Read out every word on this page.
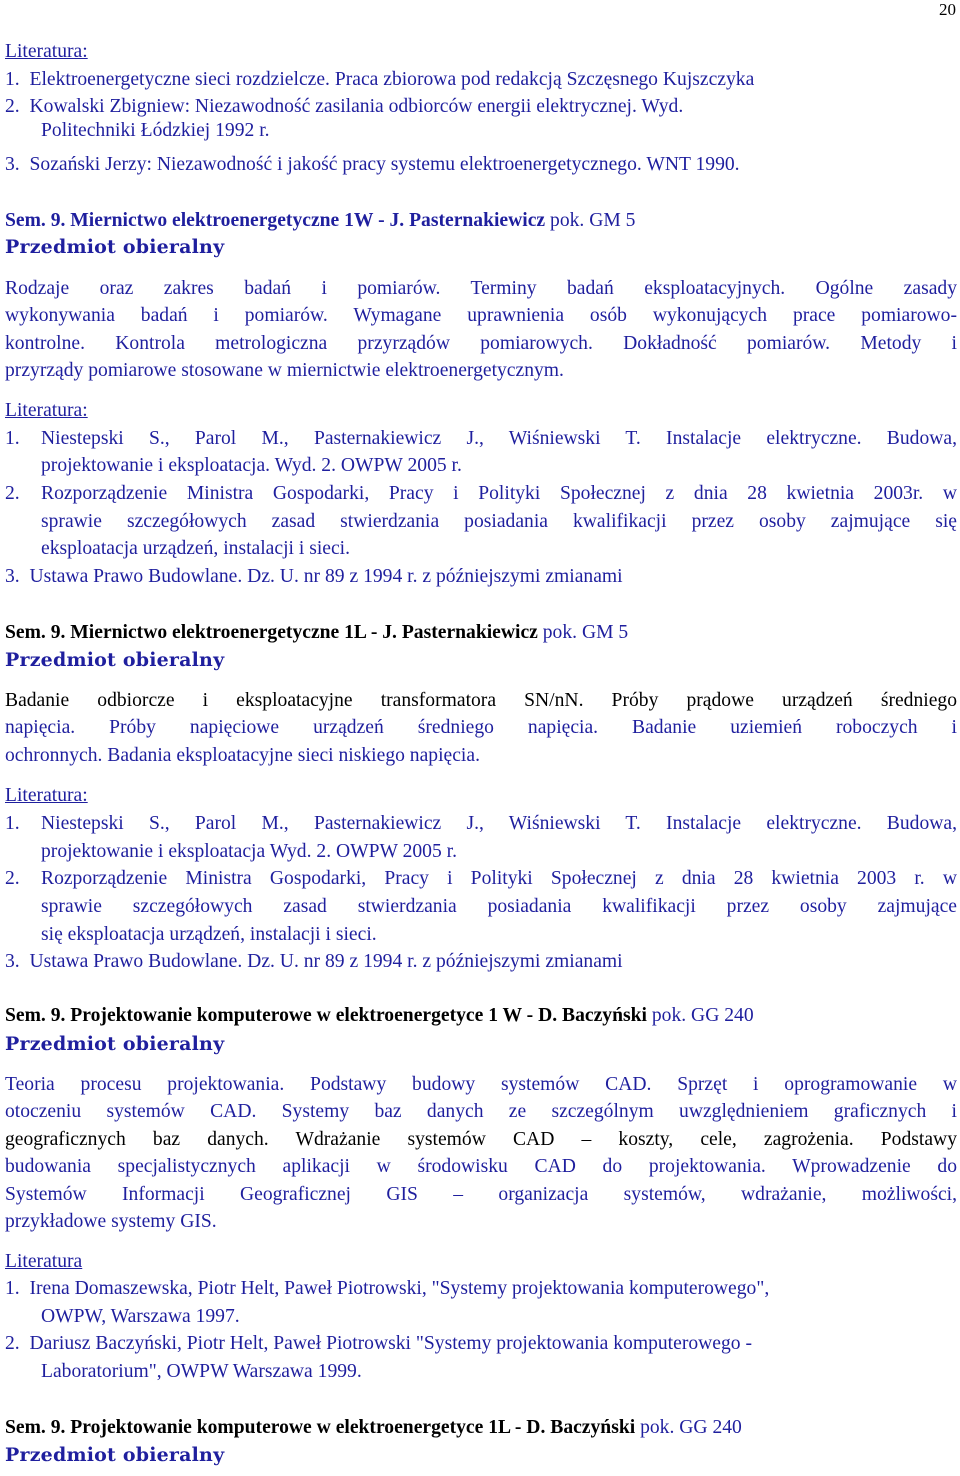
20
Literatura:
1. Elektroenergetyczne sieci rozdzielcze. Praca zbiorowa pod redakcją Szczęsnego Kujszczyka
2. Kowalski Zbigniew: Niezawodność zasilania odbiorców energii elektrycznej. Wyd.
Politechniki Łódzkiej 1992 r.
3. Sozański Jerzy: Niezawodność i jakość pracy systemu elektroenergetycznego. WNT 1990.
Sem. 9. Miernictwo elektroenergetyczne 1W - J. Pasternakiewicz pok. GM 5
Przedmiot obieralny
Rodzaje oraz zakres badań i pomiarów. Terminy badań eksploatacyjnych. Ogólne zasady
wykonywania badań i pomiarów. Wymagane uprawnienia osób wykonujących prace pomiarowo-
kontrolne. Kontrola metrologiczna przyrządów pomiarowych. Dokładność pomiarów. Metody i
przyrządy pomiarowe stosowane w miernictwie elektroenergetycznym.
Literatura:
1. Niestepski S., Parol M., Pasternakiewicz J., Wiśniewski T. Instalacje elektryczne. Budowa,
projektowanie i eksploatacja. Wyd. 2. OWPW 2005 r.
2. Rozporządzenie Ministra Gospodarki, Pracy i Polityki Społecznej z dnia 28 kwietnia 2003r. w
sprawie szczegółowych zasad stwierdzania posiadania kwalifikacji przez osoby zajmujące się
eksploatacja urządzeń, instalacji i sieci.
3. Ustawa Prawo Budowlane. Dz. U. nr 89 z 1994 r. z późniejszymi zmianami
Sem. 9. Miernictwo elektroenergetyczne 1L - J. Pasternakiewicz pok. GM 5
Przedmiot obieralny
Badanie odbiorcze i eksploatacyjne transformatora SN/nN. Próby prądowe urządzeń średniego
napięcia. Próby napięciowe urządzeń średniego napięcia. Badanie uziemień roboczych i
ochronnych. Badania eksploatacyjne sieci niskiego napięcia.
Literatura:
1. Niestepski S., Parol M., Pasternakiewicz J., Wiśniewski T. Instalacje elektryczne. Budowa,
projektowanie i eksploatacja Wyd. 2. OWPW 2005 r.
2. Rozporządzenie Ministra Gospodarki, Pracy i Polityki Społecznej z dnia 28 kwietnia 2003 r. w
sprawie szczegółowych zasad stwierdzania posiadania kwalifikacji przez osoby zajmujące
się eksploatacja urządzeń, instalacji i sieci.
3. Ustawa Prawo Budowlane. Dz. U. nr 89 z 1994 r. z późniejszymi zmianami
Sem. 9. Projektowanie komputerowe w elektroenergetyce 1 W - D. Baczyński pok. GG 240
Przedmiot obieralny
Teoria procesu projektowania. Podstawy budowy systemów CAD. Sprzęt i oprogramowanie w
otoczeniu systemów CAD. Systemy baz danych ze szczególnym uwzględnieniem graficznych i
geograficznych baz danych. Wdrażanie systemów CAD – koszty, cele, zagrożenia. Podstawy
budowania specjalistycznych aplikacji w środowisku CAD do projektowania. Wprowadzenie do
Systemów Informacji Geograficznej GIS – organizacja systemów, wdrażanie, możliwości,
przykładowe systemy GIS.
Literatura
1. Irena Domaszewska, Piotr Helt, Paweł Piotrowski, "Systemy projektowania komputerowego",
OWPW, Warszawa 1997.
2. Dariusz Baczyński, Piotr Helt, Paweł Piotrowski "Systemy projektowania komputerowego -
Laboratorium", OWPW Warszawa 1999.
Sem. 9. Projektowanie komputerowe w elektroenergetyce 1L - D. Baczyński pok. GG 240
Przedmiot obieralny
